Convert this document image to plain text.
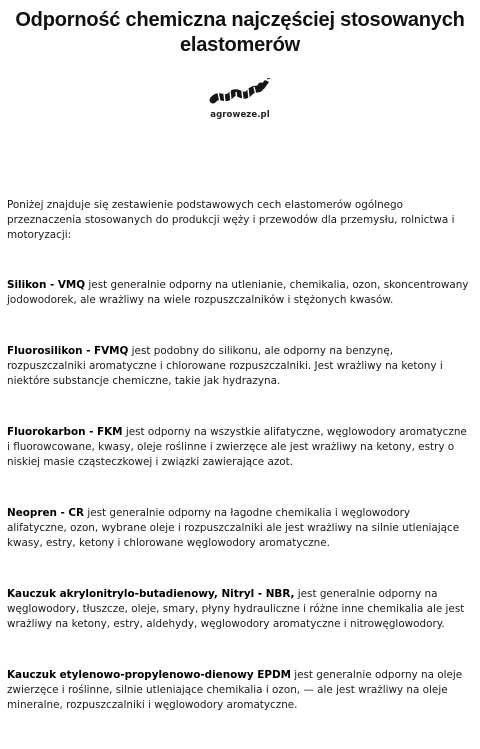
Odporność chemiczna najczęściej stosowanych elastomerów
agroweze.pl

Poniżej znajduje się zestawienie podstawowych cech elastomerów ogólnego przeznaczenia stosowanych do produkcji węży i przewodów dla przemysłu, rolnictwa i motoryzacji:

Silikon - VMQ jest generalnie odporny na utlenianie, chemikalia, ozon, skoncentrowany jodowodorek, ale wrażliwy na wiele rozpuszczalników i stężonych kwasów.

Fluorosilikon - FVMQ jest podobny do silikonu, ale odporny na benzynę, rozpuszczalniki aromatyczne i chlorowane rozpuszczalniki. Jest wrażliwy na ketony i niektóre substancje chemiczne, takie jak hydrazyna.

Fluorokarbon - FKM jest odporny na wszystkie alifatyczne, węglowodory aromatyczne i fluorowcowane, kwasy, oleje roślinne i zwierzęce ale jest wrażliwy na ketony, estry o niskiej masie cząsteczkowej i związki zawierające azot.

Neopren - CR jest generalnie odporny na łagodne chemikalia i węglowodory alifatyczne, ozon, wybrane oleje i rozpuszczalniki ale jest wrażliwy na silnie utleniające kwasy, estry, ketony i chlorowane węglowodory aromatyczne.

Kauczuk akrylonitrylo-butadienowy, Nitryl - NBR, jest generalnie odporny na węglowodory, tłuszcze, oleje, smary, płyny hydrauliczne i różne inne chemikalia ale jest wrażliwy na ketony, estry, aldehydy, węglowodory aromatyczne i nitrowęglowodory.

Kauczuk etylenowo-propylenowo-dienowy EPDM jest generalnie odporny na oleje zwierzęce i roślinne, silnie utleniające chemikalia i ozon, — ale jest wrażliwy na oleje mineralne, rozpuszczalniki i węglowodory aromatyczne.
